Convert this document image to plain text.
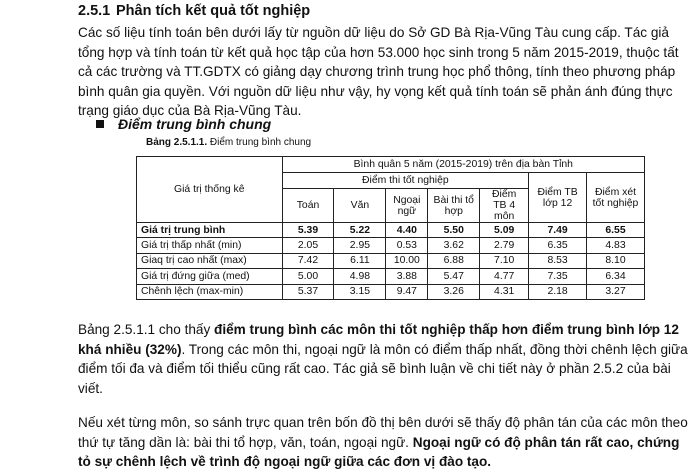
2.5.1 Phân tích kết quả tốt nghiệp

Các số liệu tính toán bên dưới lấy từ nguồn dữ liệu do Sở GD Bà Rịa-Vũng Tàu cung cấp. Tác giả tổng hợp và tính toán từ kết quả học tập của hơn 53.000 học sinh trong 5 năm 2015-2019, thuộc tất cả các trường và TT.GDTX có giảng dạy chương trình trung học phổ thông, tính theo phương pháp bình quân gia quyền. Với nguồn dữ liệu như vậy, hy vọng kết quả tính toán sẽ phản ánh đúng thực trạng giáo dục của Bà Rịa-Vũng Tàu.

Điểm trung bình chung
Bảng 2.5.1.1. Điểm trung bình chung
Giá trị thống kê	Bình quân 5 năm (2015-2019) trên địa bàn Tỉnh						
	Điểm thi tốt nghiệp					Điểm TB lớp 12	Điểm xét tốt nghiệp
	Toán	Văn	Ngoại ngữ	Bài thi tổ hợp	Điểm TB 4 môn		
Giá trị trung bình	5.39	5.22	4.40	5.50	5.09	7.49	6.55
Giá trị thấp nhất (min)	2.05	2.95	0.53	3.62	2.79	6.35	4.83
Giaq trị cao nhất (max)	7.42	6.11	10.00	6.88	7.10	8.53	8.10
Giá trị đứng giữa (med)	5.00	4.98	3.88	5.47	4.77	7.35	6.34
Chênh lệch (max-min)	5.37	3.15	9.47	3.26	4.31	2.18	3.27

Bảng 2.5.1.1 cho thấy điểm trung bình các môn thi tốt nghiệp thấp hơn điểm trung bình lớp 12 khá nhiều (32%). Trong các môn thi, ngoại ngữ là môn có điểm thấp nhất, đồng thời chênh lệch giữa điểm tối đa và điểm tối thiểu cũng rất cao. Tác giả sẽ bình luận về chi tiết này ở phần 2.5.2 của bài viết.

Nếu xét từng môn, so sánh trực quan trên bốn đồ thị bên dưới sẽ thấy độ phân tán của các môn theo thứ tự tăng dần là: bài thi tổ hợp, văn, toán, ngoại ngữ. Ngoại ngữ có độ phân tán rất cao, chứng tỏ sự chênh lệch về trình độ ngoại ngữ giữa các đơn vị đào tạo.
